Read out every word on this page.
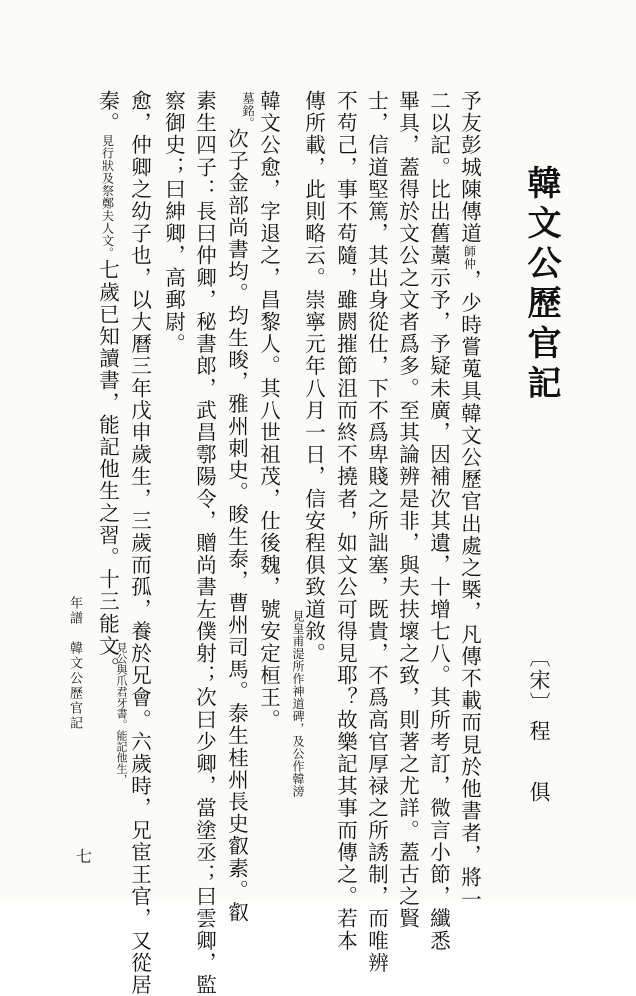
韓文公歷官記
〔宋〕
程俱
予友彭城陳傳道師仲，少時嘗蒐具韓文公歷官出處之槩，凡傳不載而見於他書者，將一
二以記。比出舊藁示予，予疑未廣，因補次其遺，十增七八。其所考訂，微言小節，纖悉
畢具，蓋得於文公之文者爲多。至其論辨是非，與夫扶壞之致，則著之尤詳。蓋古之賢
士，信道堅篤，其出身從仕，下不爲卑賤之所詘塞，既貴，不爲高官厚禄之所誘制，而唯辨
不苟己，事不苟隨，雖閼摧節沮而終不撓者，如文公可得見耶？故樂記其事而傳之。若本
傳所載，此則略云。崇寧元年八月一日，信安程俱致道敘。
見皇甫湜所作神道碑，及公作韓滂
韓文公愈，字退之，昌黎人。其八世祖茂，仕後魏，號安定桓王。
墓銘。
次子金部尚書均。均生晙，雅州刺史。晙生泰，曹州司馬。泰生桂州長史叡素。叡
素生四子：長曰仲卿，秘書郎，武昌鄠陽令，贈尚書左僕射；次曰少卿，當塗丞；曰雲卿，監
察御史；曰紳卿，高郵尉。
愈，仲卿之幼子也，以大曆三年戊申歲生，三歲而孤，養於兄會。六歲時，兄宦王官，又從居
見公與爪君牙書。能記他生，
秦。見行狀及祭鄭夫人文。七歲已知讀書，能記他生之習。十三能文。
年譜　韓文公歷官記
七
